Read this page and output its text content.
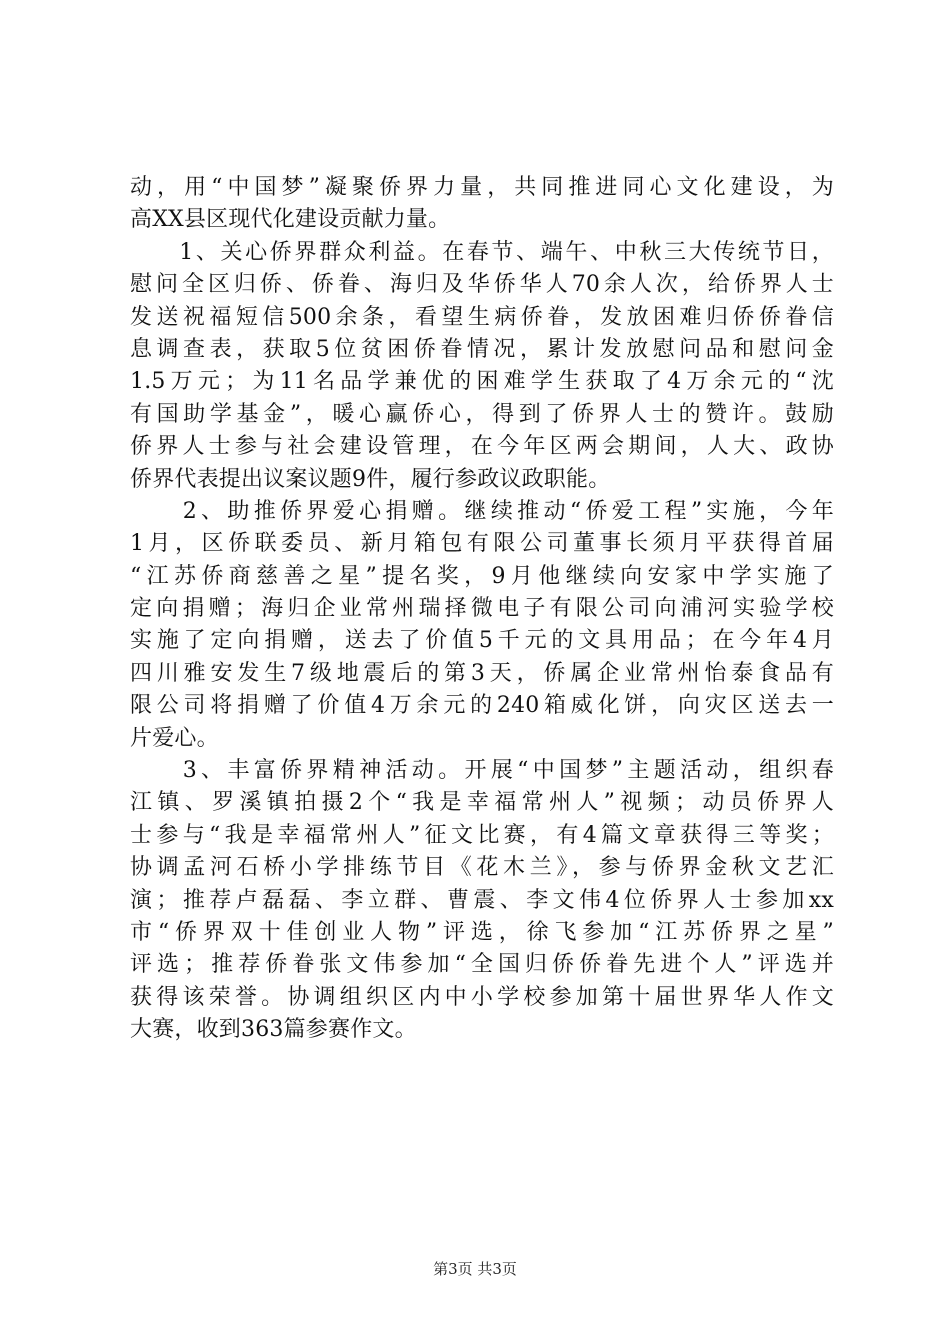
动，用“中国梦”凝聚侨界力量，共同推进同心文化建设，为
高XX县区现代化建设贡献力量。
　　1、关心侨界群众利益。在春节、端午、中秋三大传统节日，
慰问全区归侨、侨眷、海归及华侨华人70余人次，给侨界人士
发送祝福短信500余条，看望生病侨眷，发放困难归侨侨眷信
息调查表，获取5位贫困侨眷情况，累计发放慰问品和慰问金
1.5万元；为11名品学兼优的困难学生获取了4万余元的“沈
有国助学基金”，暖心赢侨心，得到了侨界人士的赞许。鼓励
侨界人士参与社会建设管理，在今年区两会期间，人大、政协
侨界代表提出议案议题9件，履行参政议政职能。
　　2、助推侨界爱心捐赠。继续推动“侨爱工程”实施，今年
1月，区侨联委员、新月箱包有限公司董事长须月平获得首届
“江苏侨商慈善之星”提名奖，9月他继续向安家中学实施了
定向捐赠；海归企业常州瑞择微电子有限公司向浦河实验学校
实施了定向捐赠，送去了价值5千元的文具用品；在今年4月
四川雅安发生7级地震后的第3天，侨属企业常州怡泰食品有
限公司将捐赠了价值4万余元的240箱威化饼，向灾区送去一
片爱心。
　　3、丰富侨界精神活动。开展“中国梦”主题活动，组织春
江镇、罗溪镇拍摄2个“我是幸福常州人”视频；动员侨界人
士参与“我是幸福常州人”征文比赛，有4篇文章获得三等奖；
协调孟河石桥小学排练节目《花木兰》，参与侨界金秋文艺汇
演；推荐卢磊磊、李立群、曹震、李文伟4位侨界人士参加xx
市“侨界双十佳创业人物”评选，徐飞参加“江苏侨界之星”
评选；推荐侨眷张文伟参加“全国归侨侨眷先进个人”评选并
获得该荣誉。协调组织区内中小学校参加第十届世界华人作文
大赛，收到363篇参赛作文。
第3页 共3页
